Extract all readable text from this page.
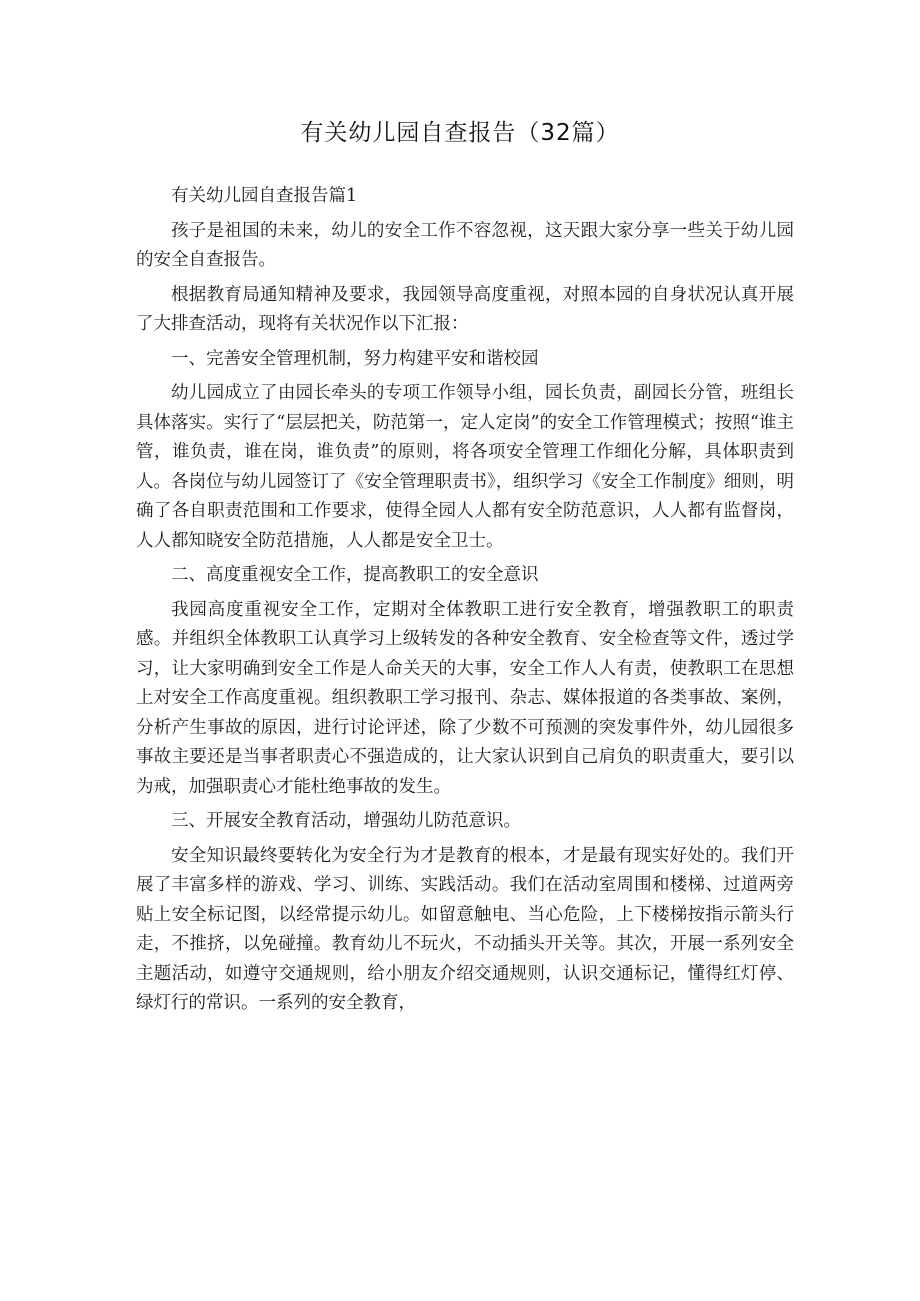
有关幼儿园自查报告（32篇）

有关幼儿园自查报告篇1

孩子是祖国的未来，幼儿的安全工作不容忽视，这天跟大家分享一些关于幼儿园的安全自查报告。

根据教育局通知精神及要求，我园领导高度重视，对照本园的自身状况认真开展了大排查活动，现将有关状况作以下汇报：

一、完善安全管理机制，努力构建平安和谐校园

幼儿园成立了由园长牵头的专项工作领导小组，园长负责，副园长分管，班组长具体落实。实行了“层层把关，防范第一，定人定岗”的安全工作管理模式；按照“谁主管，谁负责，谁在岗，谁负责”的原则，将各项安全管理工作细化分解，具体职责到人。各岗位与幼儿园签订了《安全管理职责书》，组织学习《安全工作制度》细则，明确了各自职责范围和工作要求，使得全园人人都有安全防范意识，人人都有监督岗，人人都知晓安全防范措施，人人都是安全卫士。

二、高度重视安全工作，提高教职工的安全意识

我园高度重视安全工作，定期对全体教职工进行安全教育，增强教职工的职责感。并组织全体教职工认真学习上级转发的各种安全教育、安全检查等文件，透过学习，让大家明确到安全工作是人命关天的大事，安全工作人人有责，使教职工在思想上对安全工作高度重视。组织教职工学习报刊、杂志、媒体报道的各类事故、案例，分析产生事故的原因，进行讨论评述，除了少数不可预测的突发事件外，幼儿园很多事故主要还是当事者职责心不强造成的，让大家认识到自己肩负的职责重大，要引以为戒，加强职责心才能杜绝事故的发生。

三、开展安全教育活动，增强幼儿防范意识。

安全知识最终要转化为安全行为才是教育的根本，才是最有现实好处的。我们开展了丰富多样的游戏、学习、训练、实践活动。我们在活动室周围和楼梯、过道两旁贴上安全标记图，以经常提示幼儿。如留意触电、当心危险，上下楼梯按指示箭头行走，不推挤，以免碰撞。教育幼儿不玩火，不动插头开关等。其次，开展一系列安全主题活动，如遵守交通规则，给小朋友介绍交通规则，认识交通标记，懂得红灯停、绿灯行的常识。一系列的安全教育，
